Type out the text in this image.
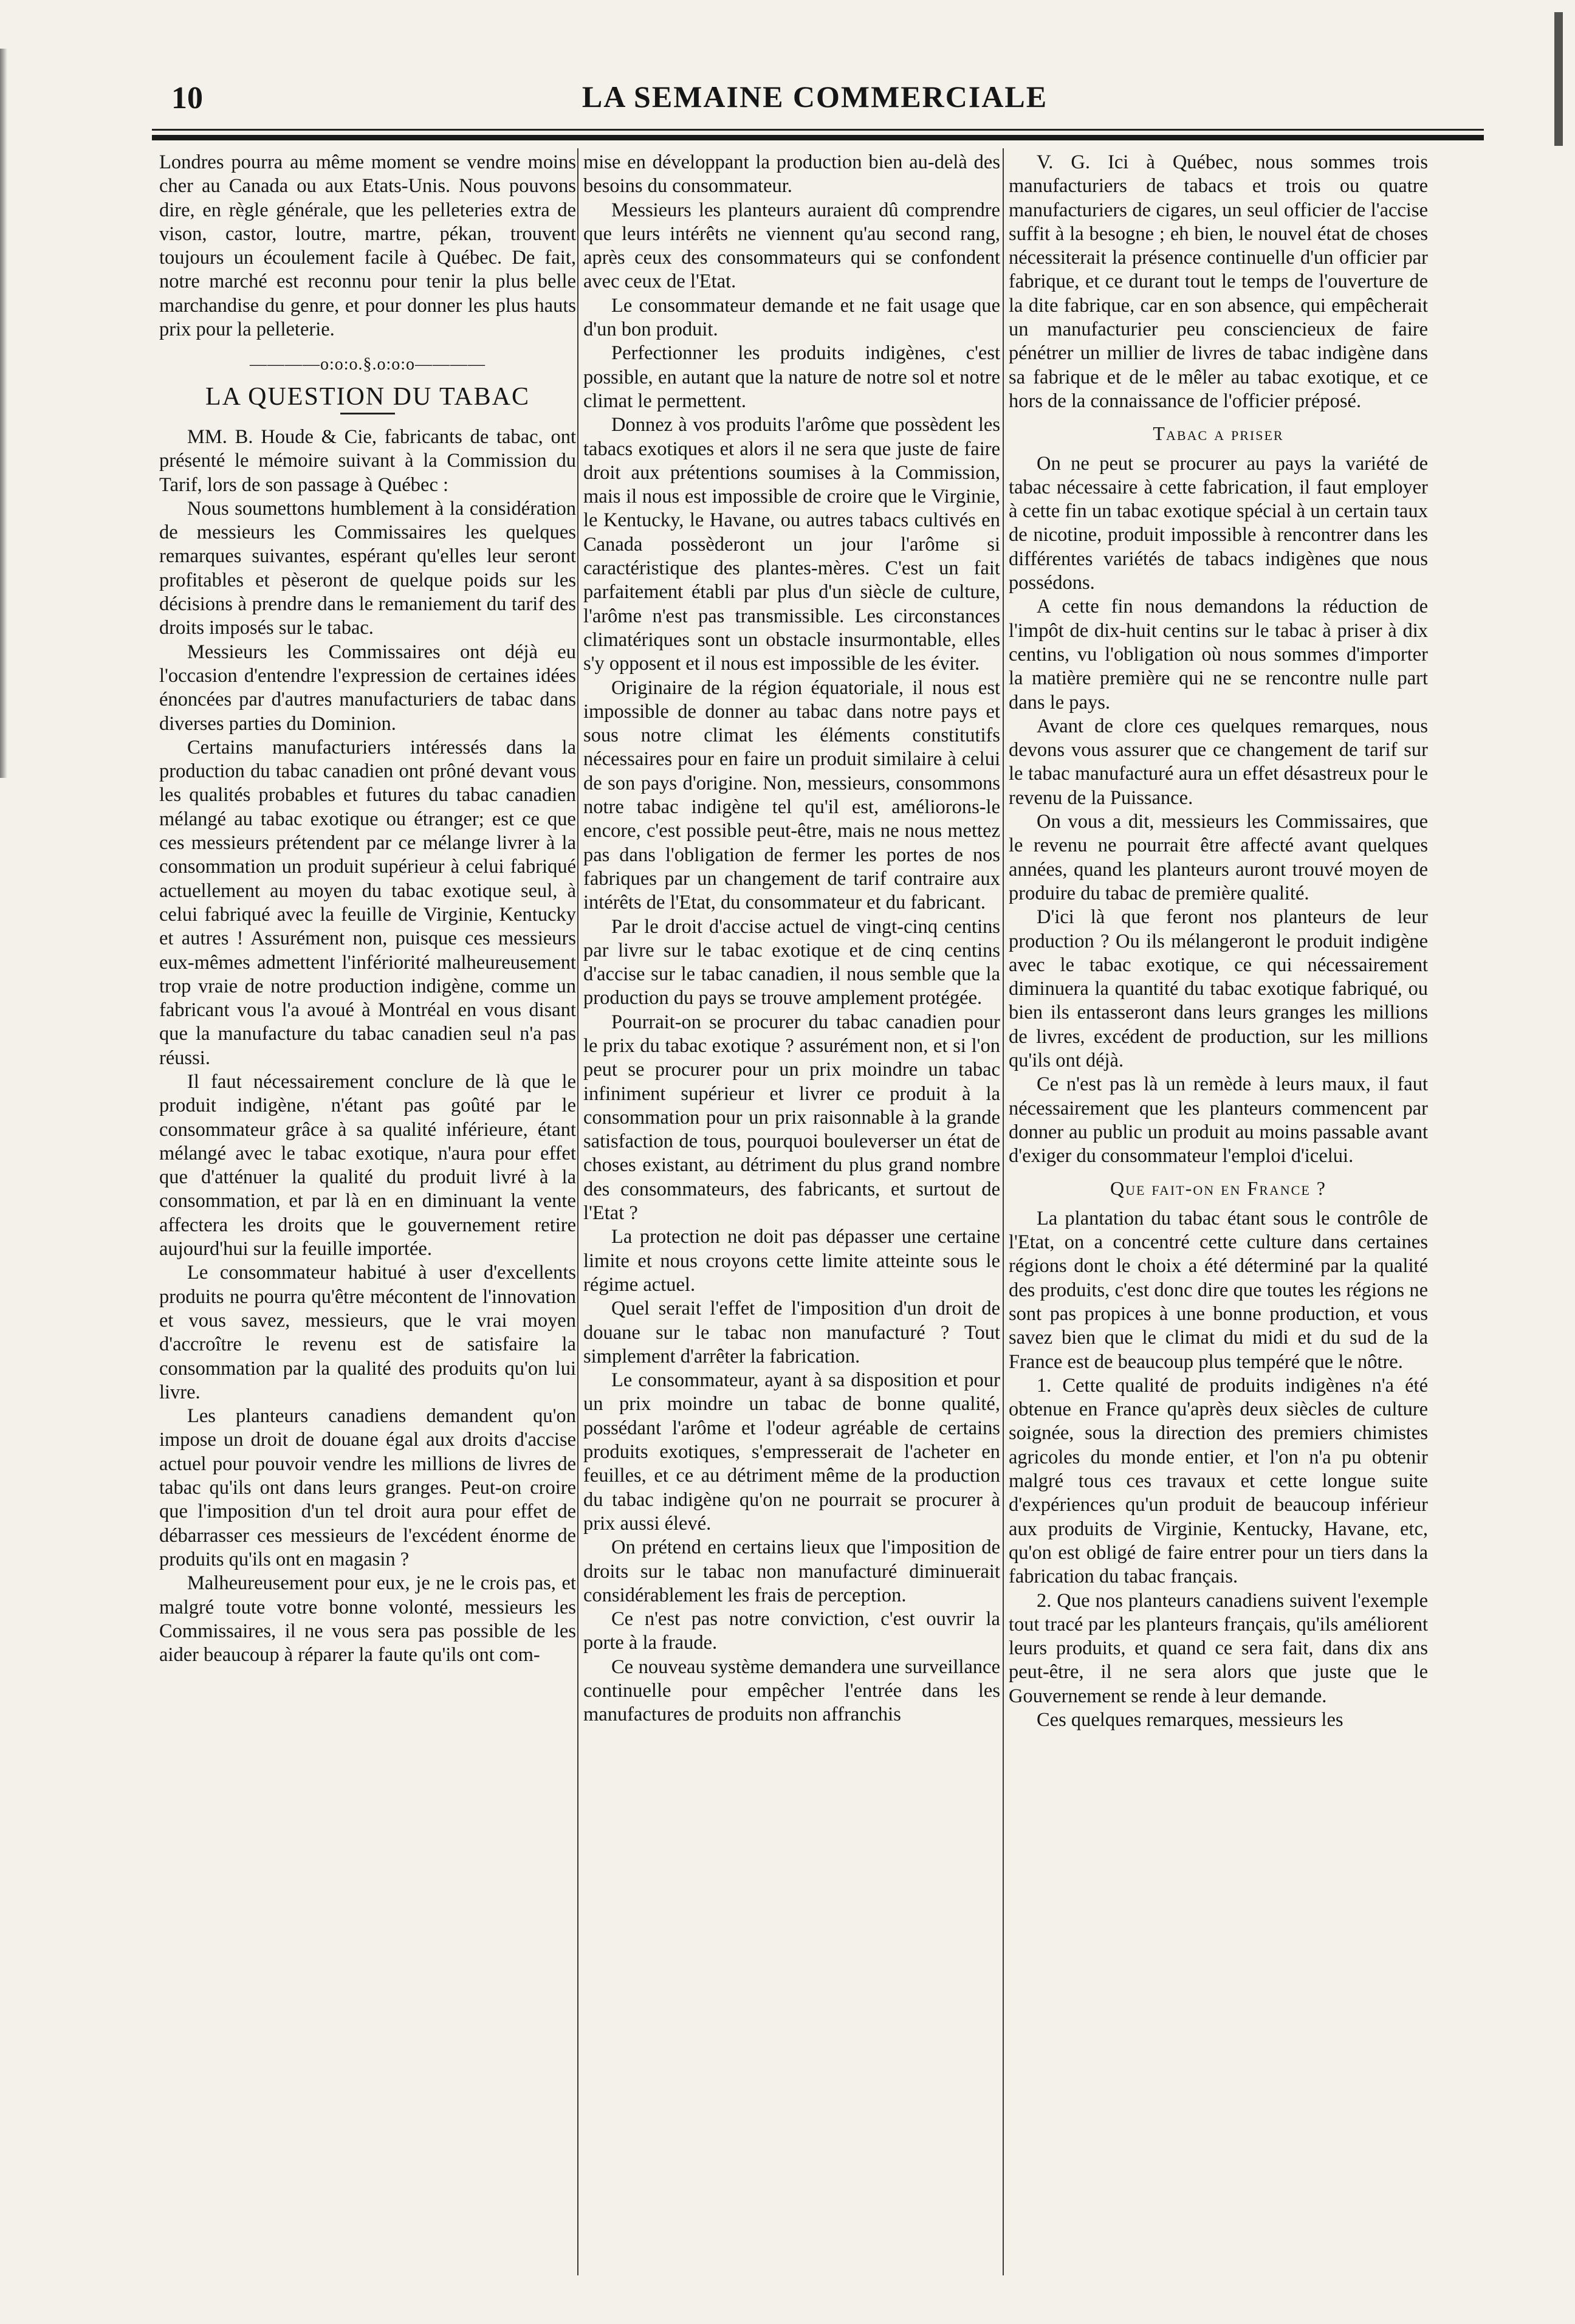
10	LA SEMAINE COMMERCIALE

Londres pourra au même moment se vendre moins cher au Canada ou aux Etats-Unis. Nous pouvons dire, en règle générale, que les pelleteries extra de vison, castor, loutre, martre, pékan, trouvent toujours un écoulement facile à Québec. De fait, notre marché est reconnu pour tenir la plus belle marchandise du genre, et pour donner les plus hauts prix pour la pelleterie.

————o:o:o.§.o:o:o————
LA QUESTION DU TABAC

MM. B. Houde & Cie, fabricants de tabac, ont présenté le mémoire suivant à la Commission du Tarif, lors de son passage à Québec :

Nous soumettons humblement à la considération de messieurs les Commissaires les quelques remarques suivantes, espérant qu'elles leur seront profitables et pèseront de quelque poids sur les décisions à prendre dans le remaniement du tarif des droits imposés sur le tabac.

Messieurs les Commissaires ont déjà eu l'occasion d'entendre l'expression de certaines idées énoncées par d'autres manufacturiers de tabac dans diverses parties du Dominion.

Certains manufacturiers intéressés dans la production du tabac canadien ont prôné devant vous les qualités probables et futures du tabac canadien mélangé au tabac exotique ou étranger; est ce que ces messieurs prétendent par ce mélange livrer à la consommation un produit supérieur à celui fabriqué actuellement au moyen du tabac exotique seul, à celui fabriqué avec la feuille de Virginie, Kentucky et autres ! Assurément non, puisque ces messieurs eux-mêmes admettent l'infériorité malheureusement trop vraie de notre production indigène, comme un fabricant vous l'a avoué à Montréal en vous disant que la manufacture du tabac canadien seul n'a pas réussi.

Il faut nécessairement conclure de là que le produit indigène, n'étant pas goûté par le consommateur grâce à sa qualité inférieure, étant mélangé avec le tabac exotique, n'aura pour effet que d'atténuer la qualité du produit livré à la consommation, et par là en en diminuant la vente affectera les droits que le gouvernement retire aujourd'hui sur la feuille importée.

Le consommateur habitué à user d'excellents produits ne pourra qu'être mécontent de l'innovation et vous savez, messieurs, que le vrai moyen d'accroître le revenu est de satisfaire la consommation par la qualité des produits qu'on lui livre.

Les planteurs canadiens demandent qu'on impose un droit de douane égal aux droits d'accise actuel pour pouvoir vendre les millions de livres de tabac qu'ils ont dans leurs granges. Peut-on croire que l'imposition d'un tel droit aura pour effet de débarrasser ces messieurs de l'excédent énorme de produits qu'ils ont en magasin ?

Malheureusement pour eux, je ne le crois pas, et malgré toute votre bonne volonté, messieurs les Commissaires, il ne vous sera pas possible de les aider beaucoup à réparer la faute qu'ils ont com-

mise en développant la production bien au-delà des besoins du consommateur.

Messieurs les planteurs auraient dû comprendre que leurs intérêts ne viennent qu'au second rang, après ceux des consommateurs qui se confondent avec ceux de l'Etat.

Le consommateur demande et ne fait usage que d'un bon produit.

Perfectionner les produits indigènes, c'est possible, en autant que la nature de notre sol et notre climat le permettent.

Donnez à vos produits l'arôme que possèdent les tabacs exotiques et alors il ne sera que juste de faire droit aux prétentions soumises à la Commission, mais il nous est impossible de croire que le Virginie, le Kentucky, le Havane, ou autres tabacs cultivés en Canada possèderont un jour l'arôme si caractéristique des plantes-mères. C'est un fait parfaitement établi par plus d'un siècle de culture, l'arôme n'est pas transmissible. Les circonstances climatériques sont un obstacle insurmontable, elles s'y opposent et il nous est impossible de les éviter.

Originaire de la région équatoriale, il nous est impossible de donner au tabac dans notre pays et sous notre climat les éléments constitutifs nécessaires pour en faire un produit similaire à celui de son pays d'origine. Non, messieurs, consommons notre tabac indigène tel qu'il est, améliorons-le encore, c'est possible peut-être, mais ne nous mettez pas dans l'obligation de fermer les portes de nos fabriques par un changement de tarif contraire aux intérêts de l'Etat, du consommateur et du fabricant.

Par le droit d'accise actuel de vingt-cinq centins par livre sur le tabac exotique et de cinq centins d'accise sur le tabac canadien, il nous semble que la production du pays se trouve amplement protégée.

Pourrait-on se procurer du tabac canadien pour le prix du tabac exotique ? assurément non, et si l'on peut se procurer pour un prix moindre un tabac infiniment supérieur et livrer ce produit à la consommation pour un prix raisonnable à la grande satisfaction de tous, pourquoi bouleverser un état de choses existant, au détriment du plus grand nombre des consommateurs, des fabricants, et surtout de l'Etat ?

La protection ne doit pas dépasser une certaine limite et nous croyons cette limite atteinte sous le régime actuel.

Quel serait l'effet de l'imposition d'un droit de douane sur le tabac non manufacturé ? Tout simplement d'arrêter la fabrication.

Le consommateur, ayant à sa disposition et pour un prix moindre un tabac de bonne qualité, possédant l'arôme et l'odeur agréable de certains produits exotiques, s'empresserait de l'acheter en feuilles, et ce au détriment même de la production du tabac indigène qu'on ne pourrait se procurer à prix aussi élevé.

On prétend en certains lieux que l'imposition de droits sur le tabac non manufacturé diminuerait considérablement les frais de perception.

Ce n'est pas notre conviction, c'est ouvrir la porte à la fraude.

Ce nouveau système demandera une surveillance continuelle pour empêcher l'entrée dans les manufactures de produits non affranchis

V. G. Ici à Québec, nous sommes trois manufacturiers de tabacs et trois ou quatre manufacturiers de cigares, un seul officier de l'accise suffit à la besogne ; eh bien, le nouvel état de choses nécessiterait la présence continuelle d'un officier par fabrique, et ce durant tout le temps de l'ouverture de la dite fabrique, car en son absence, qui empêcherait un manufacturier peu consciencieux de faire pénétrer un millier de livres de tabac indigène dans sa fabrique et de le mêler au tabac exotique, et ce hors de la connaissance de l'officier préposé.

Tabac a priser

On ne peut se procurer au pays la variété de tabac nécessaire à cette fabrication, il faut employer à cette fin un tabac exotique spécial à un certain taux de nicotine, produit impossible à rencontrer dans les différentes variétés de tabacs indigènes que nous possédons.

A cette fin nous demandons la réduction de l'impôt de dix-huit centins sur le tabac à priser à dix centins, vu l'obligation où nous sommes d'importer la matière première qui ne se rencontre nulle part dans le pays.

Avant de clore ces quelques remarques, nous devons vous assurer que ce changement de tarif sur le tabac manufacturé aura un effet désastreux pour le revenu de la Puissance.

On vous a dit, messieurs les Commissaires, que le revenu ne pourrait être affecté avant quelques années, quand les planteurs auront trouvé moyen de produire du tabac de première qualité.

D'ici là que feront nos planteurs de leur production ? Ou ils mélangeront le produit indigène avec le tabac exotique, ce qui nécessairement diminuera la quantité du tabac exotique fabriqué, ou bien ils entasseront dans leurs granges les millions de livres, excédent de production, sur les millions qu'ils ont déjà.

Ce n'est pas là un remède à leurs maux, il faut nécessairement que les planteurs commencent par donner au public un produit au moins passable avant d'exiger du consommateur l'emploi d'icelui.

Que fait-on en France ?

La plantation du tabac étant sous le contrôle de l'Etat, on a concentré cette culture dans certaines régions dont le choix a été déterminé par la qualité des produits, c'est donc dire que toutes les régions ne sont pas propices à une bonne production, et vous savez bien que le climat du midi et du sud de la France est de beaucoup plus tempéré que le nôtre.

1. Cette qualité de produits indigènes n'a été obtenue en France qu'après deux siècles de culture soignée, sous la direction des premiers chimistes agricoles du monde entier, et l'on n'a pu obtenir malgré tous ces travaux et cette longue suite d'expériences qu'un produit de beaucoup inférieur aux produits de Virginie, Kentucky, Havane, etc, qu'on est obligé de faire entrer pour un tiers dans la fabrication du tabac français.

2. Que nos planteurs canadiens suivent l'exemple tout tracé par les planteurs français, qu'ils améliorent leurs produits, et quand ce sera fait, dans dix ans peut-être, il ne sera alors que juste que le Gouvernement se rende à leur demande.

Ces quelques remarques, messieurs les
